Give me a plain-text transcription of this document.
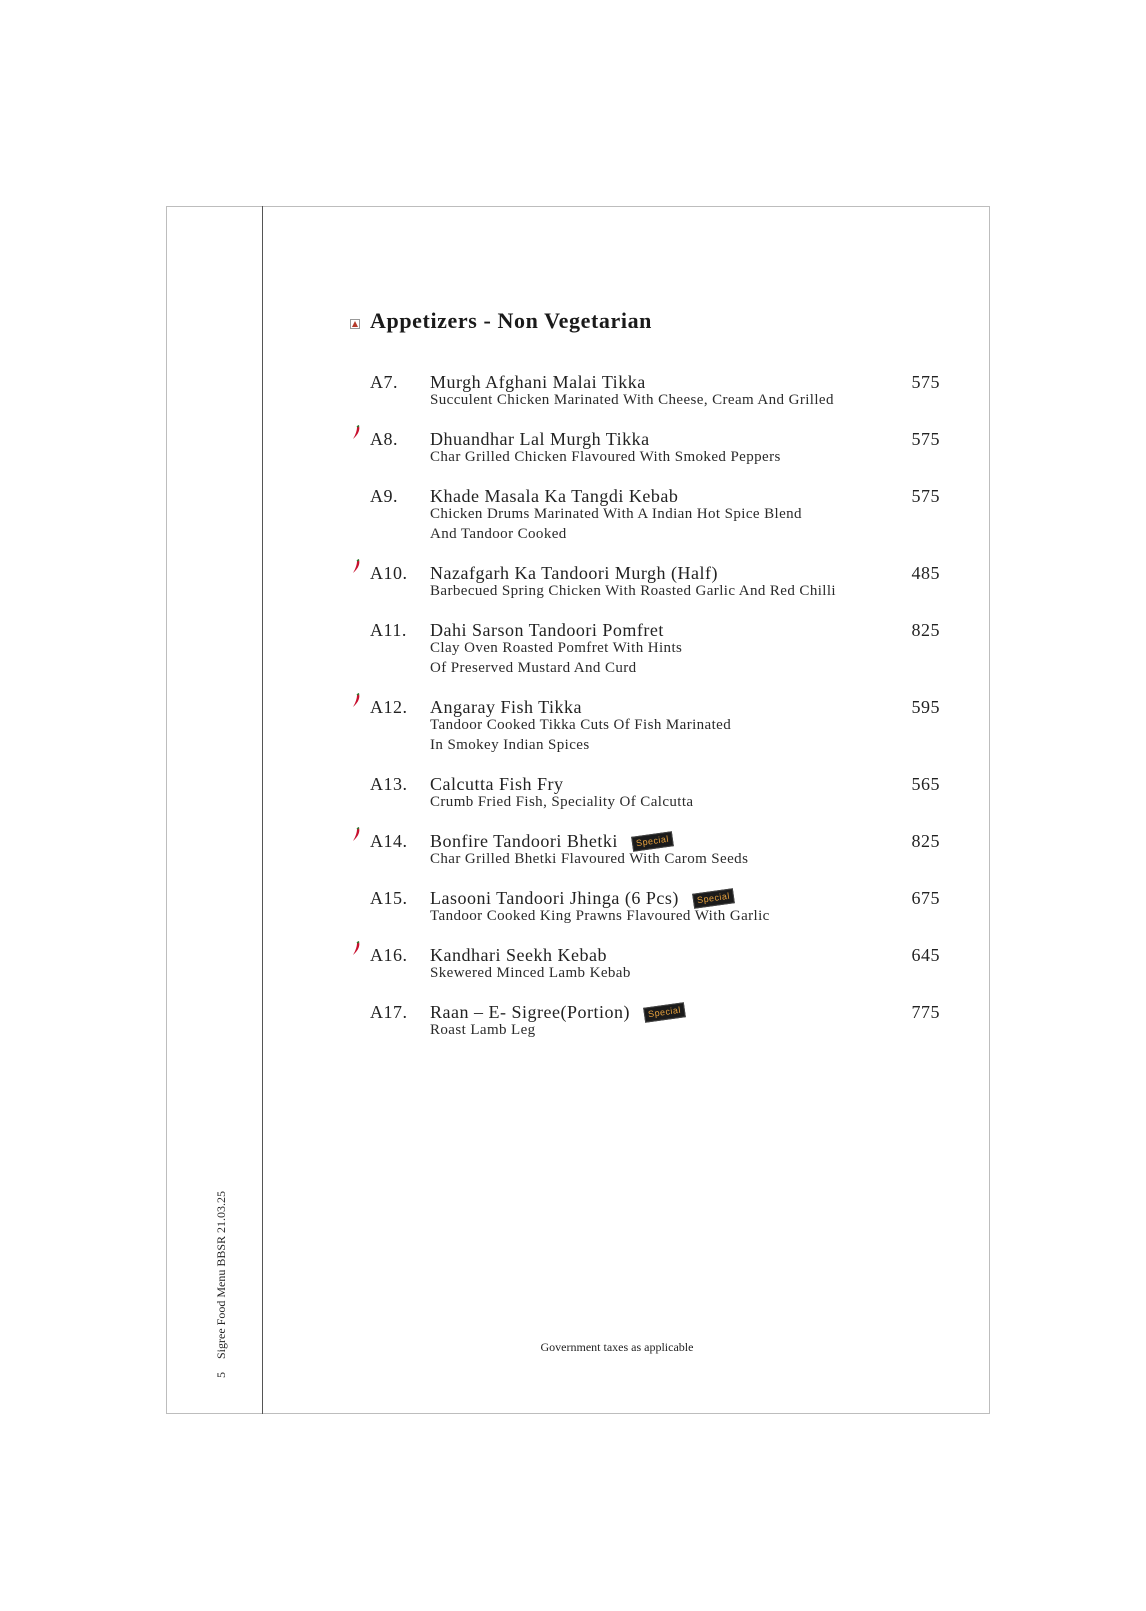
5 Sigree Food Menu BBSR 21.03.25
Appetizers - Non Vegetarian
A7.	Murgh Afghani Malai Tikka	575
Succulent Chicken Marinated With Cheese, Cream And Grilled
A8.	Dhuandhar Lal Murgh Tikka	575
Char Grilled Chicken Flavoured With Smoked Peppers
A9.	Khade Masala Ka Tangdi Kebab	575
Chicken Drums Marinated With A Indian Hot Spice Blend
And Tandoor Cooked
A10.	Nazafgarh Ka Tandoori Murgh (Half)	485
Barbecued Spring Chicken With Roasted Garlic And Red Chilli
A11.	Dahi Sarson Tandoori Pomfret	825
Clay Oven Roasted Pomfret With Hints
Of Preserved Mustard And Curd
A12.	Angaray Fish Tikka	595
Tandoor Cooked Tikka Cuts Of Fish Marinated
In Smokey Indian Spices
A13.	Calcutta Fish Fry	565
Crumb Fried Fish, Speciality Of Calcutta
A14.	Bonfire Tandoori Bhetki	Special	825
Char Grilled Bhetki Flavoured With Carom Seeds
A15.	Lasooni Tandoori Jhinga (6 Pcs)	Special	675
Tandoor Cooked King Prawns Flavoured With Garlic
A16.	Kandhari Seekh Kebab	645
Skewered Minced Lamb Kebab
A17.	Raan – E- Sigree(Portion)	Special	775
Roast Lamb Leg
Government taxes as applicable
